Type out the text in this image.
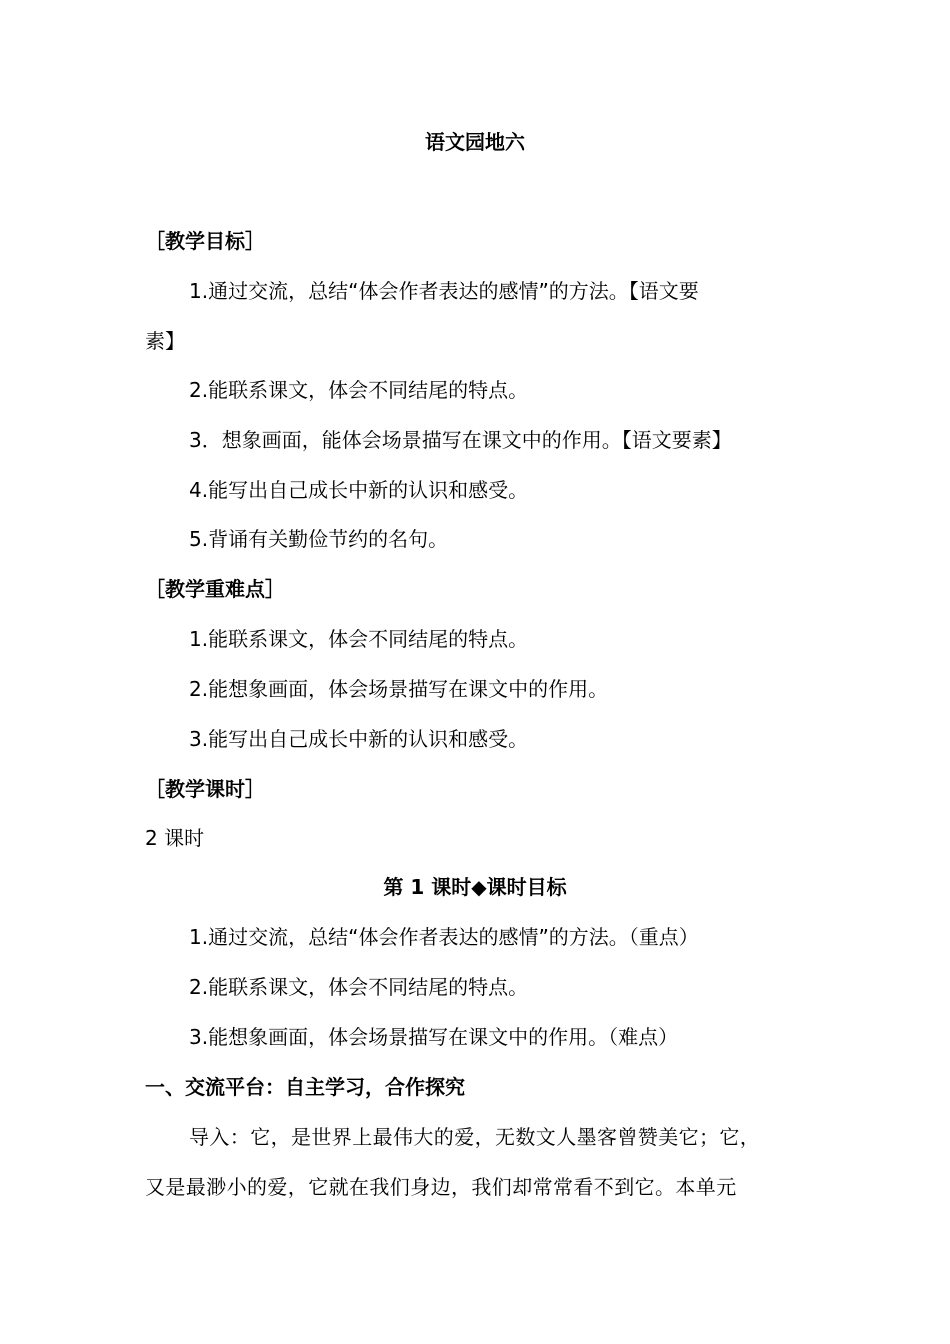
语文园地六
［教学目标］
1.通过交流，总结“体会作者表达的感情”的方法。【语文要
素】
2.能联系课文，体会不同结尾的特点。
3．想象画面，能体会场景描写在课文中的作用。【语文要素】
4.能写出自己成长中新的认识和感受。
5.背诵有关勤俭节约的名句。
［教学重难点］
1.能联系课文，体会不同结尾的特点。
2.能想象画面，体会场景描写在课文中的作用。
3.能写出自己成长中新的认识和感受。
［教学课时］
2 课时
第 1 课时◆课时目标
1.通过交流，总结“体会作者表达的感情”的方法。（重点）
2.能联系课文，体会不同结尾的特点。
3.能想象画面，体会场景描写在课文中的作用。（难点）
一、交流平台：自主学习，合作探究
导入：它，是世界上最伟大的爱，无数文人墨客曾赞美它；它，
又是最渺小的爱，它就在我们身边，我们却常常看不到它。本单元
